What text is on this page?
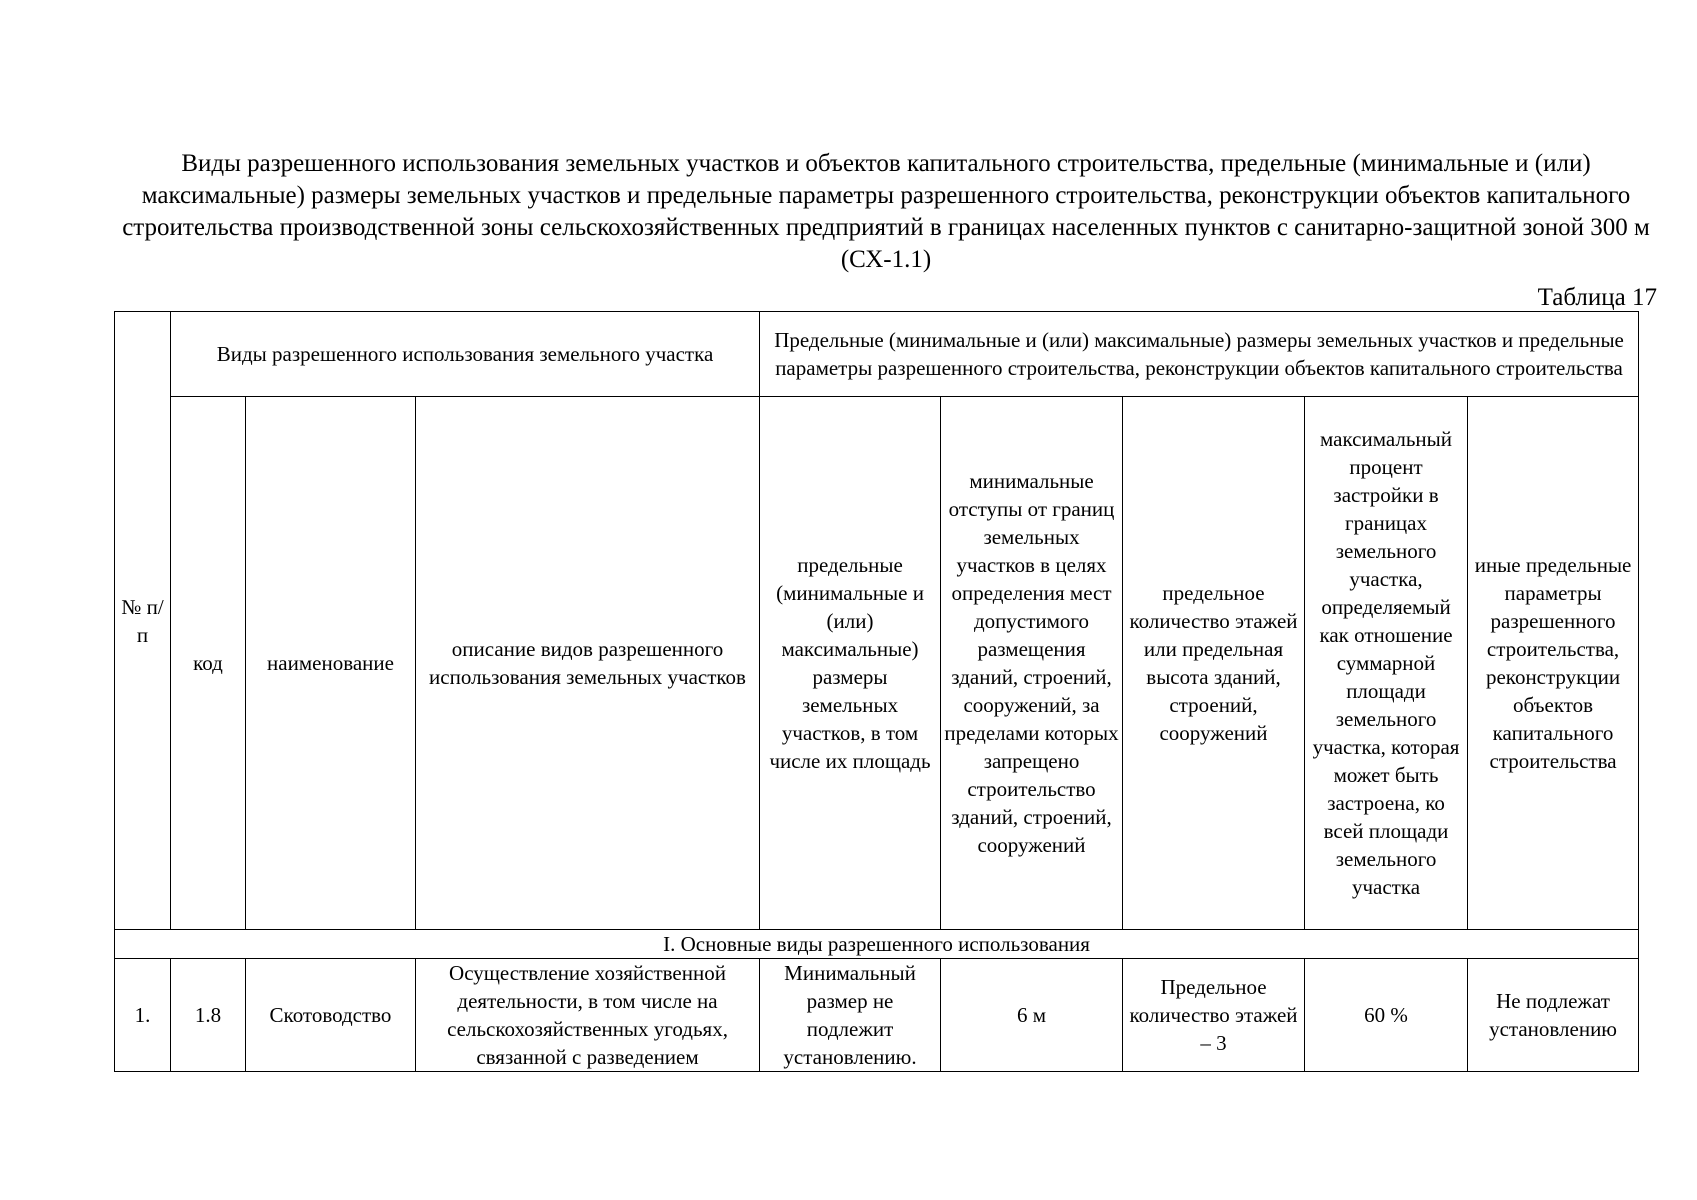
Виды разрешенного использования земельных участков и объектов капитального строительства, предельные (минимальные и (или) максимальные) размеры земельных участков и предельные параметры разрешенного строительства, реконструкции объектов капитального строительства производственной зоны сельскохозяйственных предприятий в границах населенных пунктов с санитарно-защитной зоной 300 м (СХ-1.1)
Таблица 17
№ п/п	Виды разрешенного использования земельного участка			Предельные (минимальные и (или) максимальные) размеры земельных участков и предельные параметры разрешенного строительства, реконструкции объектов капитального строительства				
	код	наименование	описание видов разрешенного использования земельных участков	предельные (минимальные и (или) максимальные) размеры земельных участков, в том числе их площадь	минимальные отступы от границ земельных участков в целях определения мест допустимого размещения зданий, строений, сооружений, за пределами которых запрещено строительство зданий, строений, сооружений	предельное количество этажей или предельная высота зданий, строений, сооружений	максимальный процент застройки в границах земельного участка, определяемый как отношение суммарной площади земельного участка, которая может быть застроена, ко всей площади земельного участка	иные предельные параметры разрешенного строительства, реконструкции объектов капитального строительства
I. Основные виды разрешенного использования								
1.	1.8	Скотоводство	Осуществление хозяйственной деятельности, в том числе на сельскохозяйственных угодьях, связанной с разведением	Минимальный размер не подлежит установлению.	6 м	Предельное количество этажей – 3	60 %	Не подлежат установлению
